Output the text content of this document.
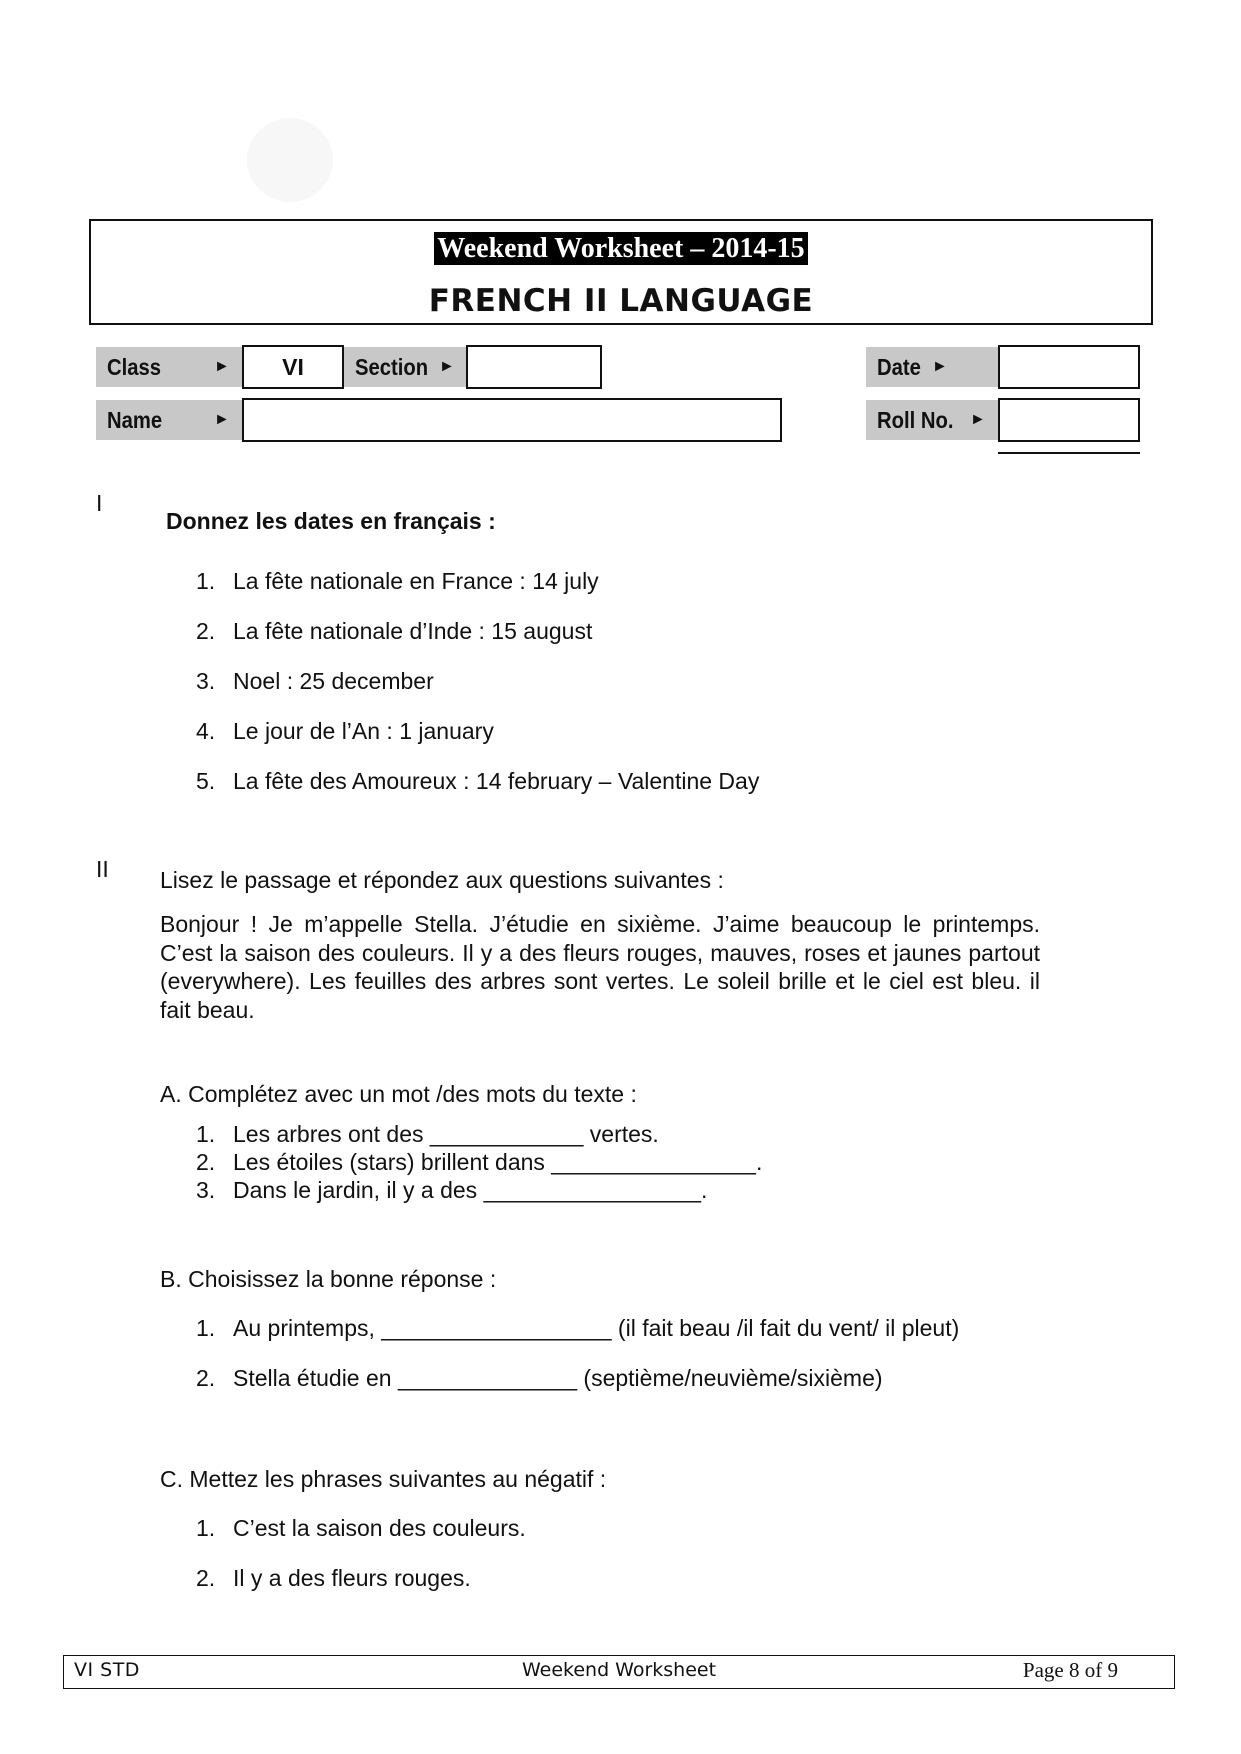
Weekend Worksheet – 2014-15
FRENCH II LANGUAGE
Class	►	VI	Section ►	Date ►
Name	►	Roll No. ►
I
Donnez les dates en français :
1. La fête nationale en France : 14 july
2. La fête nationale d’Inde : 15 august
3. Noel : 25 december
4. Le jour de l’An : 1 january
5. La fête des Amoureux : 14 february – Valentine Day
II Lisez le passage et répondez aux questions suivantes :
Bonjour ! Je m’appelle Stella. J’étudie en sixième. J’aime beaucoup le printemps. C’est la saison des couleurs. Il y a des fleurs rouges, mauves, roses et jaunes partout (everywhere). Les feuilles des arbres sont vertes. Le soleil brille et le ciel est bleu. il fait beau.
A. Complétez avec un mot /des mots du texte :
1. Les arbres ont des ____________ vertes.
2. Les étoiles (stars) brillent dans ________________.
3. Dans le jardin, il y a des _________________.
B. Choisissez la bonne réponse :
1. Au printemps, __________________ (il fait beau /il fait du vent/ il pleut)
2. Stella étudie en ______________ (septième/neuvième/sixième)
C. Mettez les phrases suivantes au négatif :
1. C’est la saison des couleurs.
2. Il y a des fleurs rouges.
VI STD	Weekend Worksheet	Page 8 of 9
